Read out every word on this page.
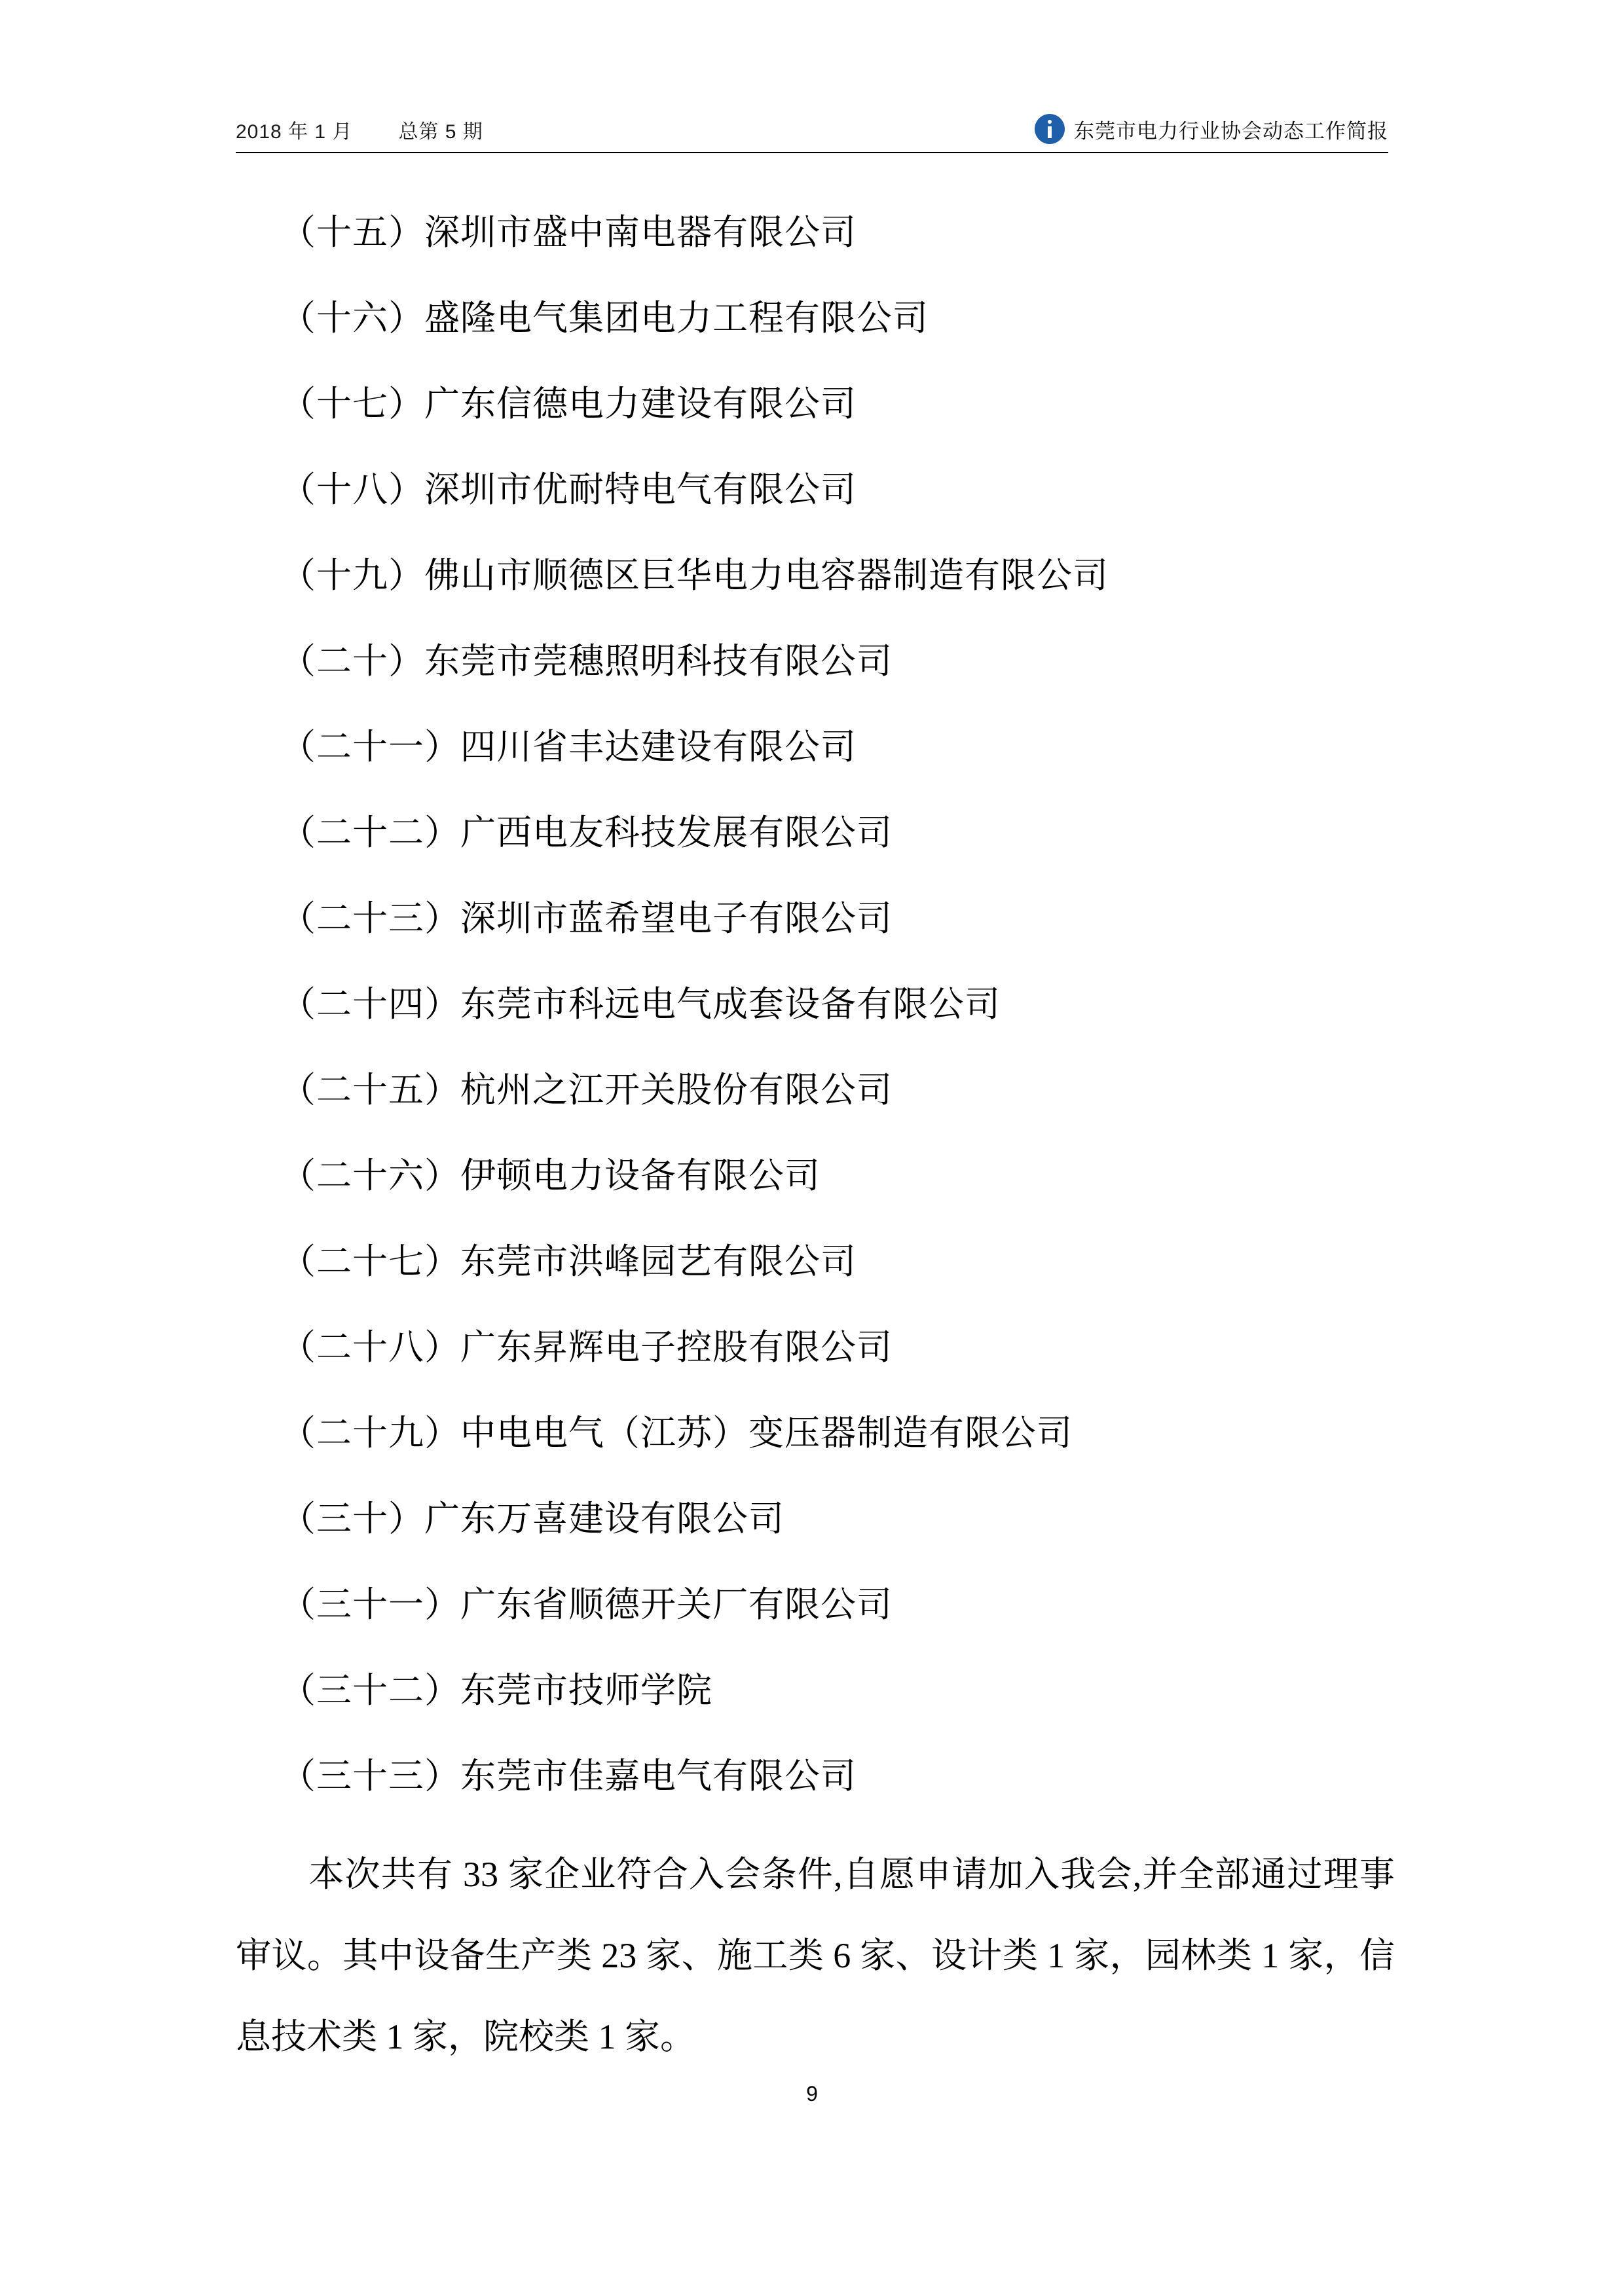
2018 年 1 月 总第 5 期	东莞市电力行业协会动态工作简报
（十五）深圳市盛中南电器有限公司
（十六）盛隆电气集团电力工程有限公司
（十七）广东信德电力建设有限公司
（十八）深圳市优耐特电气有限公司
（十九）佛山市顺德区巨华电力电容器制造有限公司
（二十）东莞市莞穗照明科技有限公司
（二十一）四川省丰达建设有限公司
（二十二）广西电友科技发展有限公司
（二十三）深圳市蓝希望电子有限公司
（二十四）东莞市科远电气成套设备有限公司
（二十五）杭州之江开关股份有限公司
（二十六）伊顿电力设备有限公司
（二十七）东莞市洪峰园艺有限公司
（二十八）广东昇辉电子控股有限公司
（二十九）中电电气（江苏）变压器制造有限公司
（三十）广东万喜建设有限公司
（三十一）广东省顺德开关厂有限公司
（三十二）东莞市技师学院
（三十三）东莞市佳嘉电气有限公司
本次共有 33 家企业符合入会条件,自愿申请加入我会,并全部通过理事审议。其中设备生产类 23 家、施工类 6 家、设计类 1 家，园林类 1 家，信息技术类 1 家，院校类 1 家。
9
